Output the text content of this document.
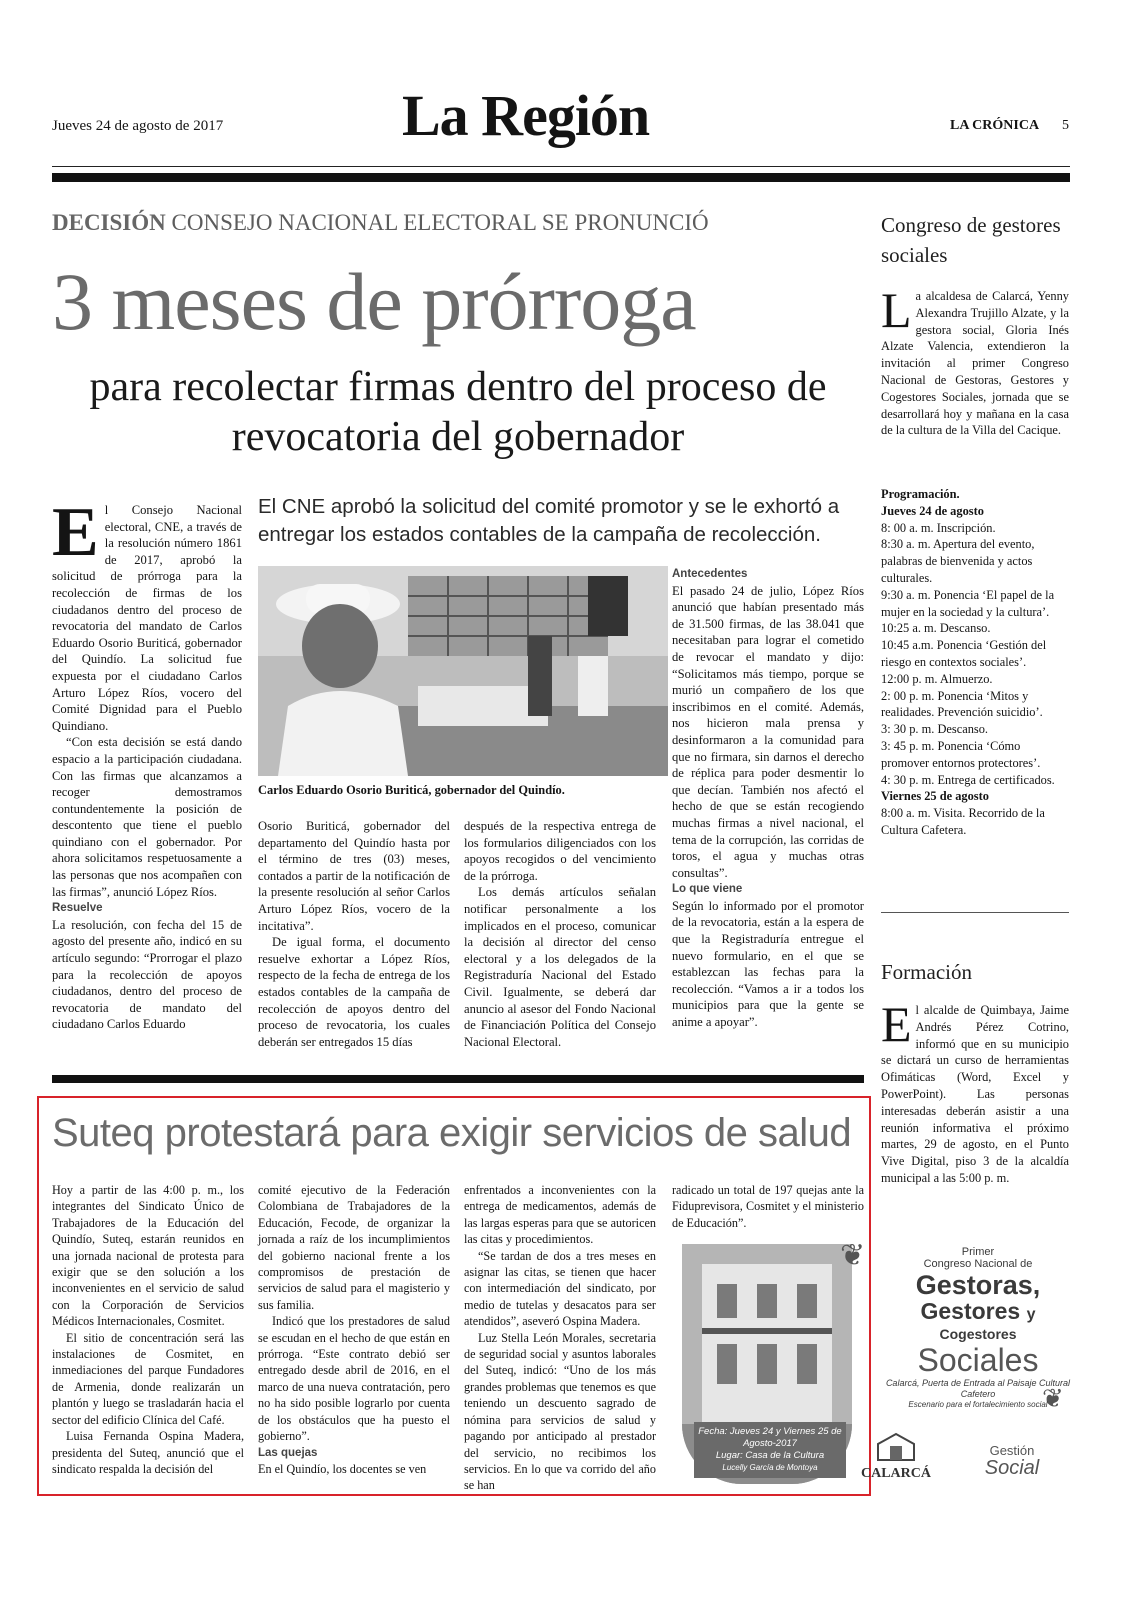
Jueves 24 de agosto de 2017	La Región	LA CRÓNICA 5
DECISIÓN CONSEJO NACIONAL ELECTORAL SE PRONUNCIÓ
3 meses de prórroga
para recolectar firmas dentro del proceso de revocatoria del gobernador

El Consejo Nacional electoral, CNE, a través de la resolución número 1861 de 2017, aprobó la solicitud de prórroga para la recolección de firmas de los ciudadanos dentro del proceso de revocatoria del mandato de Carlos Eduardo Osorio Buriticá, gobernador del Quindío. La solicitud fue expuesta por el ciudadano Carlos Arturo López Ríos, vocero del Comité Dignidad para el Pueblo Quindiano.

“Con esta decisión se está dando espacio a la participación ciudadana. Con las firmas que alcanzamos a recoger demostramos contundentemente la posición de descontento que tiene el pueblo quindiano con el gobernador. Por ahora solicitamos respetuosamente a las personas que nos acompañen con las firmas”, anunció López Ríos.

Resuelve

La resolución, con fecha del 15 de agosto del presente año, indicó en su artículo segundo: “Prorrogar el plazo para la recolección de apoyos ciudadanos, dentro del proceso de revocatoria de mandato del ciudadano Carlos Eduardo

El CNE aprobó la solicitud del comité promotor y se le exhortó a entregar los estados contables de la campaña de recolección.
Carlos Eduardo Osorio Buriticá, gobernador del Quindío.

Osorio Buriticá, gobernador del departamento del Quindío hasta por el término de tres (03) meses, contados a partir de la notificación de la presente resolución al señor Carlos Arturo López Ríos, vocero de la incitativa”.

De igual forma, el documento resuelve exhortar a López Ríos, respecto de la fecha de entrega de los estados contables de la campaña de recolección de apoyos dentro del proceso de revocatoria, los cuales deberán ser entregados 15 días

después de la respectiva entrega de los formularios diligenciados con los apoyos recogidos o del vencimiento de la prórroga.

Los demás artículos señalan notificar personalmente a los implicados en el proceso, comunicar la decisión al director del censo electoral y a los delegados de la Registraduría Nacional del Estado Civil. Igualmente, se deberá dar anuncio al asesor del Fondo Nacional de Financiación Política del Consejo Nacional Electoral.

Antecedentes

El pasado 24 de julio, López Ríos anunció que habían presentado más de 31.500 firmas, de las 38.041 que necesitaban para lograr el cometido de revocar el mandato y dijo: “Solicitamos más tiempo, porque se murió un compañero de los que inscribimos en el comité. Además, nos hicieron mala prensa y desinformaron a la comunidad para que no firmara, sin darnos el derecho de réplica para poder desmentir lo que decían. También nos afectó el hecho de que se están recogiendo muchas firmas a nivel nacional, el tema de la corrupción, las corridas de toros, el agua y muchas otras consultas”.

Lo que viene

Según lo informado por el promotor de la revocatoria, están a la espera de que la Registraduría entregue el nuevo formulario, en el que se establezcan las fechas para la recolección. “Vamos a ir a todos los municipios para que la gente se anime a apoyar”.

Congreso de gestores sociales

La alcaldesa de Calarcá, Yenny Alexandra Trujillo Alzate, y la gestora social, Gloria Inés Alzate Valencia, extendieron la invitación al primer Congreso Nacional de Gestoras, Gestores y Cogestores Sociales, jornada que se desarrollará hoy y mañana en la casa de la cultura de la Villa del Cacique.

Programación.

Jueves 24 de agosto

8: 00 a. m. Inscripción.

8:30 a. m. Apertura del evento, palabras de bienvenida y actos culturales.

9:30 a. m. Ponencia ‘El papel de la mujer en la sociedad y la cultura’.

10:25 a. m. Descanso.

10:45 a.m. Ponencia ‘Gestión del riesgo en contextos sociales’.

12:00 p. m. Almuerzo.

2: 00 p. m. Ponencia ‘Mitos y realidades. Prevención suicidio’.

3: 30 p. m. Descanso.

3: 45 p. m. Ponencia ‘Cómo promover entornos protectores’.

4: 30 p. m. Entrega de certificados.

Viernes 25 de agosto

8:00 a. m. Visita. Recorrido de la Cultura Cafetera.

Formación

El alcalde de Quimbaya, Jaime Andrés Pérez Cotrino, informó que en su municipio se dictará un curso de herramientas Ofimáticas (Word, Excel y PowerPoint). Las personas interesadas deberán asistir a una reunión informativa el próximo martes, 29 de agosto, en el Punto Vive Digital, piso 3 de la alcaldía municipal a las 5:00 p. m.

Suteq protestará para exigir servicios de salud

Hoy a partir de las 4:00 p. m., los integrantes del Sindicato Único de Trabajadores de la Educación del Quindío, Suteq, estarán reunidos en una jornada nacional de protesta para exigir que se den solución a los inconvenientes en el servicio de salud con la Corporación de Servicios Médicos Internacionales, Cosmitet.

El sitio de concentración será las instalaciones de Cosmitet, en inmediaciones del parque Fundadores de Armenia, donde realizarán un plantón y luego se trasladarán hacia el sector del edificio Clínica del Café.

Luisa Fernanda Ospina Madera, presidenta del Suteq, anunció que el sindicato respalda la decisión del

comité ejecutivo de la Federación Colombiana de Trabajadores de la Educación, Fecode, de organizar la jornada a raíz de los incumplimientos del gobierno nacional frente a los compromisos de prestación de servicios de salud para el magisterio y sus familia.

Indicó que los prestadores de salud se escudan en el hecho de que están en prórroga. “Este contrato debió ser entregado desde abril de 2016, en el marco de una nueva contratación, pero no ha sido posible lograrlo por cuenta de los obstáculos que ha puesto el gobierno”.

Las quejas

En el Quindío, los docentes se ven

enfrentados a inconvenientes con la entrega de medicamentos, además de las largas esperas para que se autoricen las citas y procedimientos.

“Se tardan de dos a tres meses en asignar las citas, se tienen que hacer con intermediación del sindicato, por medio de tutelas y desacatos para ser atendidos”, aseveró Ospina Madera.

Luz Stella León Morales, secretaria de seguridad social y asuntos laborales del Suteq, indicó: “Uno de los más grandes problemas que tenemos es que teniendo un descuento sagrado de nómina para servicios de salud y pagando por anticipado al prestador del servicio, no recibimos los servicios. En lo que va corrido del año se han

radicado un total de 197 quejas ante la Fiduprevisora, Cosmitet y el ministerio de Educación”.

Fecha: Jueves 24 y Viernes 25 de Agosto-2017
Lugar: Casa de la Cultura
Lucelly García de Montoya
❦
❦
Primer
Congreso Nacional de
Gestoras,
Gestores y
Cogestores
Sociales
Calarcá, Puerta de Entrada al Paisaje Cultural Cafetero
Escenario para el fortalecimiento social
CALARCÁ
Gestión
Social
